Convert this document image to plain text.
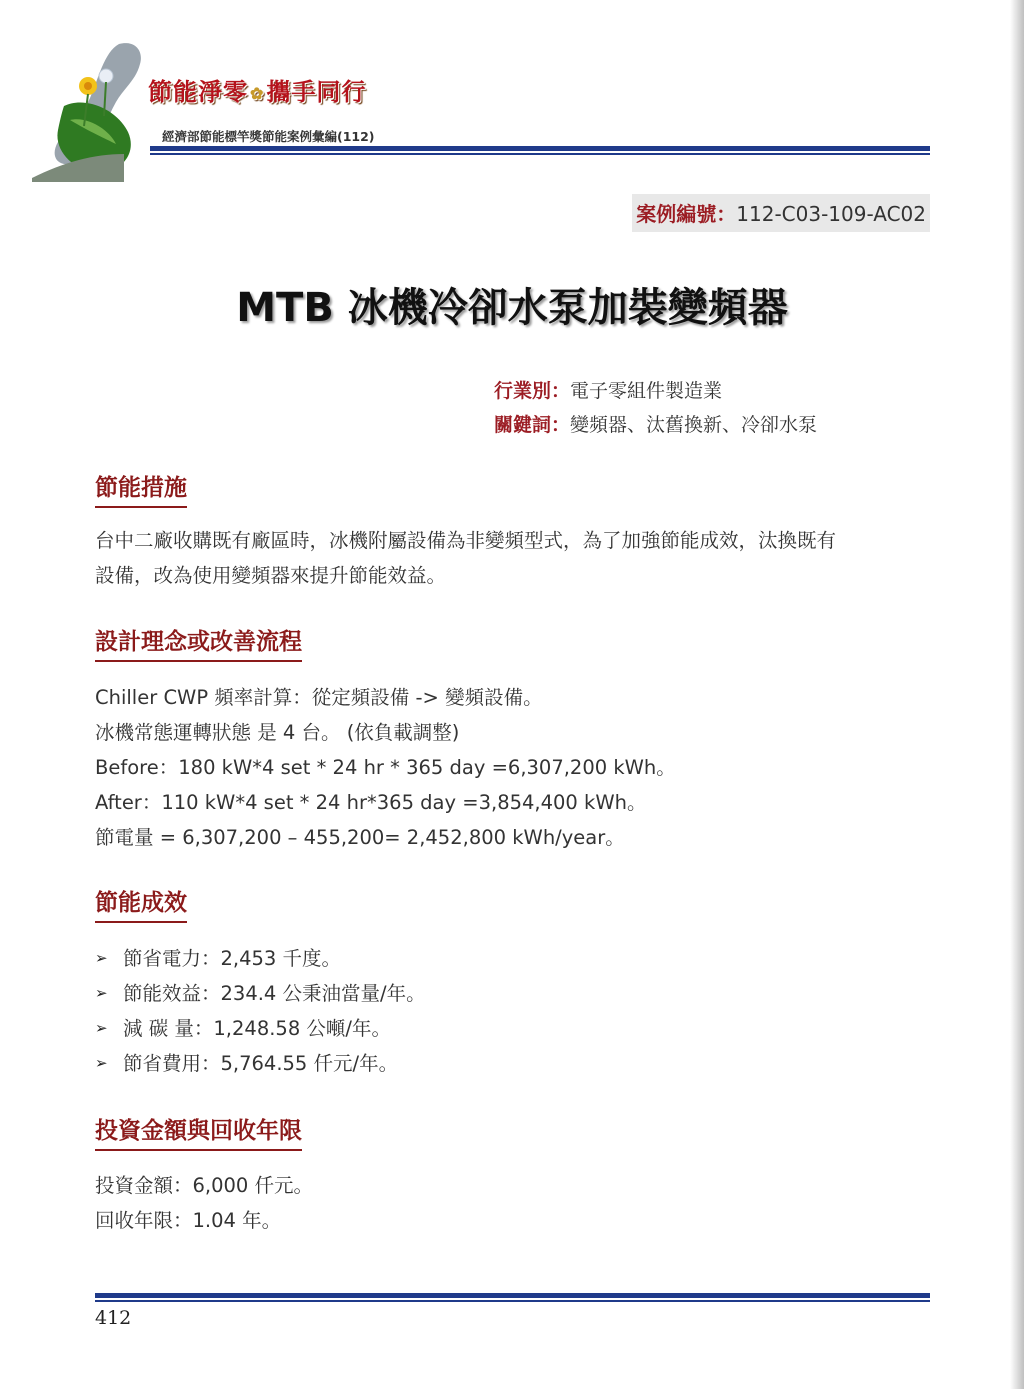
節能淨零 ✿攜手同行
經濟部節能標竿獎節能案例彙編(112)
案例編號：112-C03-109-AC02
MTB 冰機冷卻水泵加裝變頻器
行業別：電子零組件製造業
關鍵詞：變頻器、汰舊換新、冷卻水泵
節能措施
台中二廠收購既有廠區時，冰機附屬設備為非變頻型式，為了加強節能成效，汰換既有
設備，改為使用變頻器來提升節能效益。
設計理念或改善流程
Chiller CWP 頻率計算：從定頻設備 -> 變頻設備。
冰機常態運轉狀態 是 4 台。 (依負載調整)
Before：180 kW*4 set * 24 hr * 365 day =6,307,200 kWh。
After：110 kW*4 set * 24 hr*365 day =3,854,400 kWh。
節電量 = 6,307,200 – 455,200= 2,452,800 kWh/year。
節能成效
➢ 節省電力：2,453 千度。
➢ 節能效益：234.4 公秉油當量/年。
➢ 減 碳 量：1,248.58 公噸/年。
➢ 節省費用：5,764.55 仟元/年。
投資金額與回收年限
投資金額：6,000 仟元。
回收年限：1.04 年。
412
